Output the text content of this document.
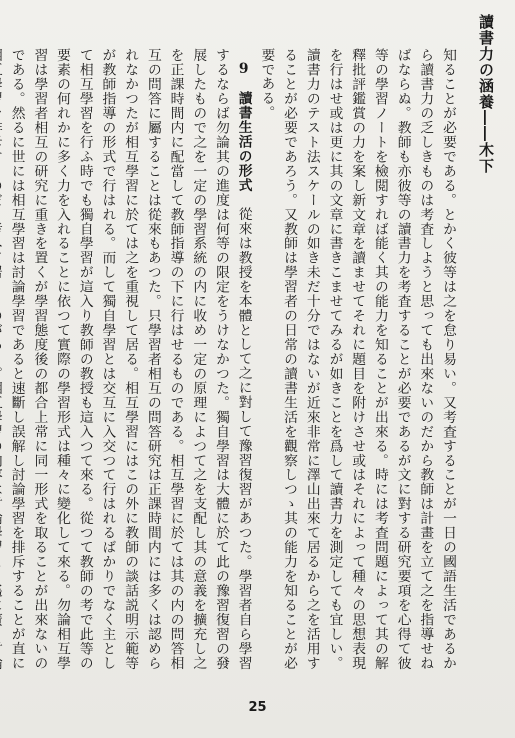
讀書力の涵養――木下

知ることが必要である。とかく彼等は之を怠り易い。又考査することが一日の國語生活であるから讀書力の乏しきものは考査しようと思っても出來ないのだから教師は計畫を立て之を指導せねばならぬ。教師も亦彼等の讀書力を考査することが必要であるが文に對する研究要項を心得て彼等の學習ノートを檢閲すれば能く其の能力を知ることが出來る。時には考査問題によって其の解釋批評鑑賞の力を案し新文章を讀ませてそれに題目を附けさせ或はそれによって種々の思想表現を行はせ或は更に其の文章に書きこませてみるが如きことを爲して讀書力を測定しても宜しい。讀書力のテスト法スケールの如き未だ十分ではないが近來非常に澤山出來て居るから之を活用することが必要であろう。又教師は學習者の日常の讀書生活を觀察しつゝ其の能力を知ることが必要である。

　9　讀書生活の形式　從來は教授を本體として之に對して豫習復習があつた。學習者自ら學習するならば勿論其の進度は何等の限定をうけなかつた。獨自學習は大體に於て此の豫習復習の發展したもので之を一定の學習系統の内に收め一定の原理によつて之を支配し其の意義を擴充し之を正課時間内に配當して教師指導の下に行はせるものである。相互學習に於ては其の内の問答相互の問答に屬することは從來もあつた。只學習者相互の問答研究は正課時間内には多くは認められなかつたが相互學習に於ては之を重視して居る。相互學習にはこの外に教師の談話説明示範等が教師指導の形式で行はれる。而して獨自學習とは交互に入交つて行はれるばかりでなく主として相互學習を行ふ時でも獨自學習が這入り教師の教授も這入つて來る。從つて教師の考で此等の要素の何れかに多く力を入れることに依つて實際の學習形式は種々に變化して來る。勿論相互學習は學習者相互の研究に重きを置くが學習態度後の都合上常に同一形式を取ることが出來ないのである。然るに世には相互學習は討論學習であると速斷し誤解し討論學習を排斥することが直に

25
